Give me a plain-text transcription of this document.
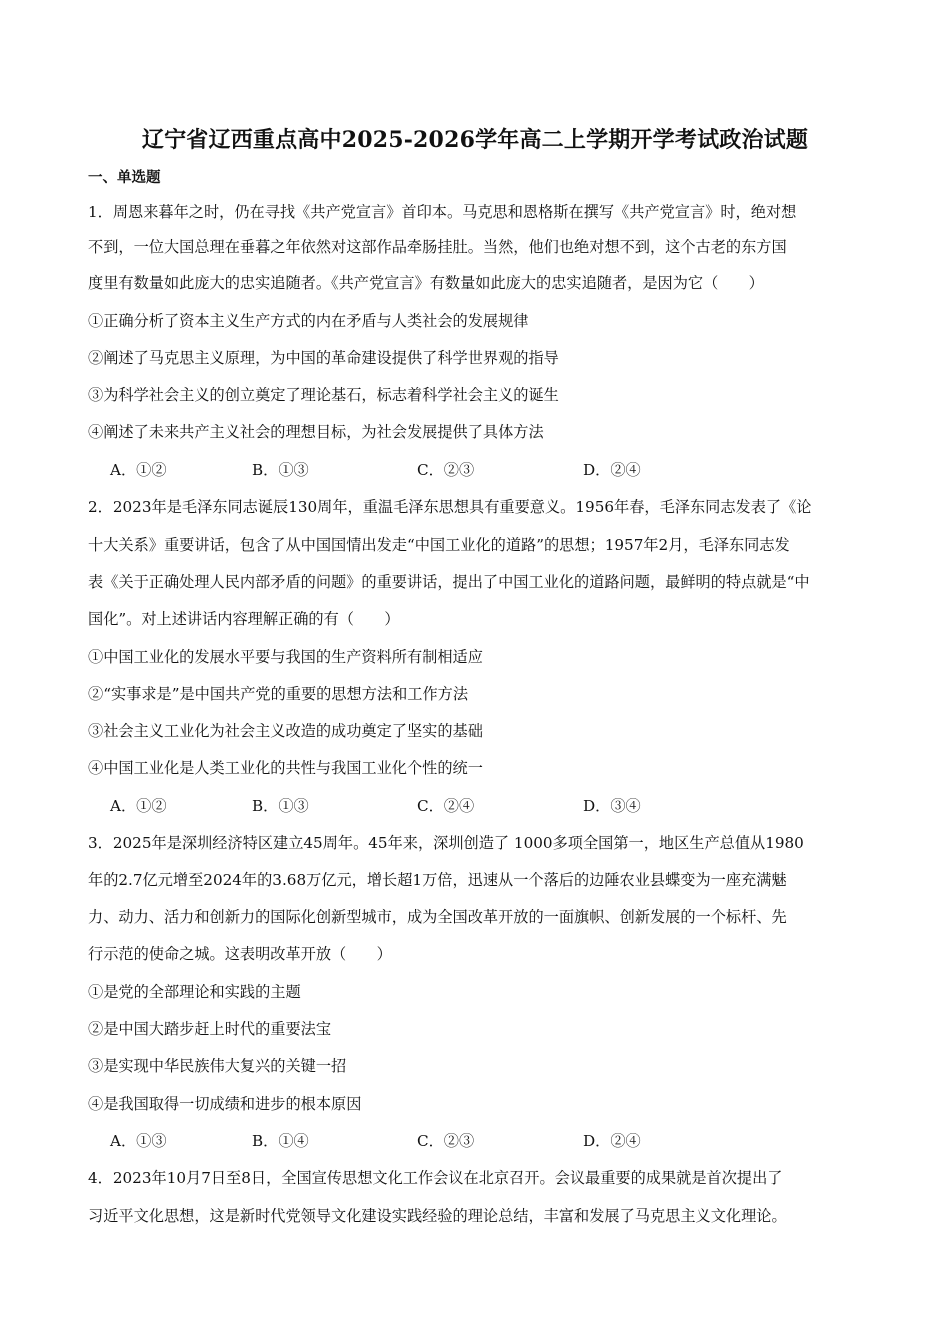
辽宁省辽西重点高中2025-2026学年高二上学期开学考试政治试题
一、单选题
1．周恩来暮年之时，仍在寻找《共产党宣言》首印本。马克思和恩格斯在撰写《共产党宣言》时，绝对想
不到，一位大国总理在垂暮之年依然对这部作品牵肠挂肚。当然，他们也绝对想不到，这个古老的东方国
度里有数量如此庞大的忠实追随者。《共产党宣言》有数量如此庞大的忠实追随者，是因为它（　　）
①正确分析了资本主义生产方式的内在矛盾与人类社会的发展规律
②阐述了马克思主义原理，为中国的革命建设提供了科学世界观的指导
③为科学社会主义的创立奠定了理论基石，标志着科学社会主义的诞生
④阐述了未来共产主义社会的理想目标，为社会发展提供了具体方法
A．①②	B．①③	C．②③	D．②④
2．2023年是毛泽东同志诞辰130周年，重温毛泽东思想具有重要意义。1956年春，毛泽东同志发表了《论
十大关系》重要讲话，包含了从中国国情出发走“中国工业化的道路”的思想；1957年2月，毛泽东同志发
表《关于正确处理人民内部矛盾的问题》的重要讲话，提出了中国工业化的道路问题，最鲜明的特点就是“中
国化”。对上述讲话内容理解正确的有（　　）
①中国工业化的发展水平要与我国的生产资料所有制相适应
②“实事求是”是中国共产党的重要的思想方法和工作方法
③社会主义工业化为社会主义改造的成功奠定了坚实的基础
④中国工业化是人类工业化的共性与我国工业化个性的统一
A．①②	B．①③	C．②④	D．③④
3．2025年是深圳经济特区建立45周年。45年来，深圳创造了 1000多项全国第一，地区生产总值从1980
年的2.7亿元增至2024年的3.68万亿元，增长超1万倍，迅速从一个落后的边陲农业县蝶变为一座充满魅
力、动力、活力和创新力的国际化创新型城市，成为全国改革开放的一面旗帜、创新发展的一个标杆、先
行示范的使命之城。这表明改革开放（　　）
①是党的全部理论和实践的主题
②是中国大踏步赶上时代的重要法宝
③是实现中华民族伟大复兴的关键一招
④是我国取得一切成绩和进步的根本原因
A．①③	B．①④	C．②③	D．②④
4．2023年10月7日至8日，全国宣传思想文化工作会议在北京召开。会议最重要的成果就是首次提出了
习近平文化思想，这是新时代党领导文化建设实践经验的理论总结，丰富和发展了马克思主义文化理论。
